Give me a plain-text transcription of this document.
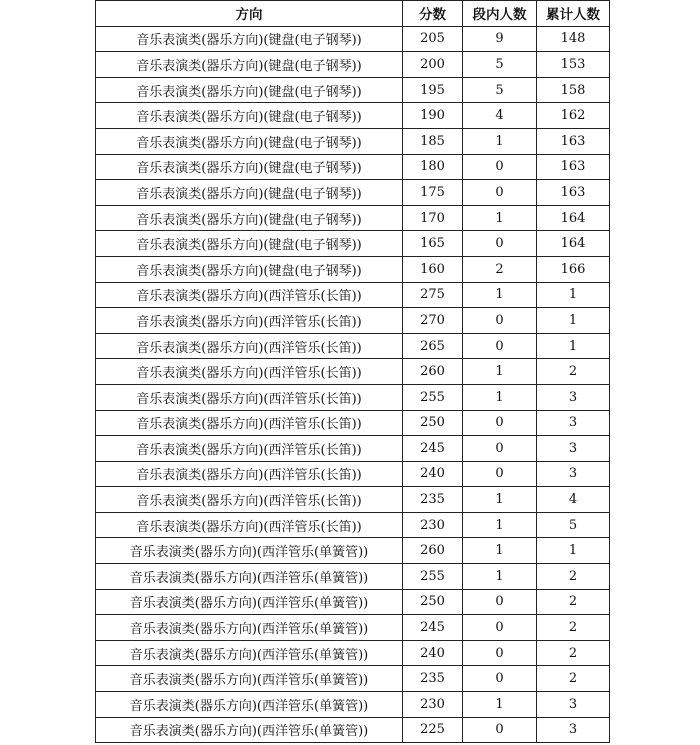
方向	分数	段内人数	累计人数
音乐表演类(器乐方向)(键盘(电子钢琴))	205	9	148
音乐表演类(器乐方向)(键盘(电子钢琴))	200	5	153
音乐表演类(器乐方向)(键盘(电子钢琴))	195	5	158
音乐表演类(器乐方向)(键盘(电子钢琴))	190	4	162
音乐表演类(器乐方向)(键盘(电子钢琴))	185	1	163
音乐表演类(器乐方向)(键盘(电子钢琴))	180	0	163
音乐表演类(器乐方向)(键盘(电子钢琴))	175	0	163
音乐表演类(器乐方向)(键盘(电子钢琴))	170	1	164
音乐表演类(器乐方向)(键盘(电子钢琴))	165	0	164
音乐表演类(器乐方向)(键盘(电子钢琴))	160	2	166
音乐表演类(器乐方向)(西洋管乐(长笛))	275	1	1
音乐表演类(器乐方向)(西洋管乐(长笛))	270	0	1
音乐表演类(器乐方向)(西洋管乐(长笛))	265	0	1
音乐表演类(器乐方向)(西洋管乐(长笛))	260	1	2
音乐表演类(器乐方向)(西洋管乐(长笛))	255	1	3
音乐表演类(器乐方向)(西洋管乐(长笛))	250	0	3
音乐表演类(器乐方向)(西洋管乐(长笛))	245	0	3
音乐表演类(器乐方向)(西洋管乐(长笛))	240	0	3
音乐表演类(器乐方向)(西洋管乐(长笛))	235	1	4
音乐表演类(器乐方向)(西洋管乐(长笛))	230	1	5
音乐表演类(器乐方向)(西洋管乐(单簧管))	260	1	1
音乐表演类(器乐方向)(西洋管乐(单簧管))	255	1	2
音乐表演类(器乐方向)(西洋管乐(单簧管))	250	0	2
音乐表演类(器乐方向)(西洋管乐(单簧管))	245	0	2
音乐表演类(器乐方向)(西洋管乐(单簧管))	240	0	2
音乐表演类(器乐方向)(西洋管乐(单簧管))	235	0	2
音乐表演类(器乐方向)(西洋管乐(单簧管))	230	1	3
音乐表演类(器乐方向)(西洋管乐(单簧管))	225	0	3
